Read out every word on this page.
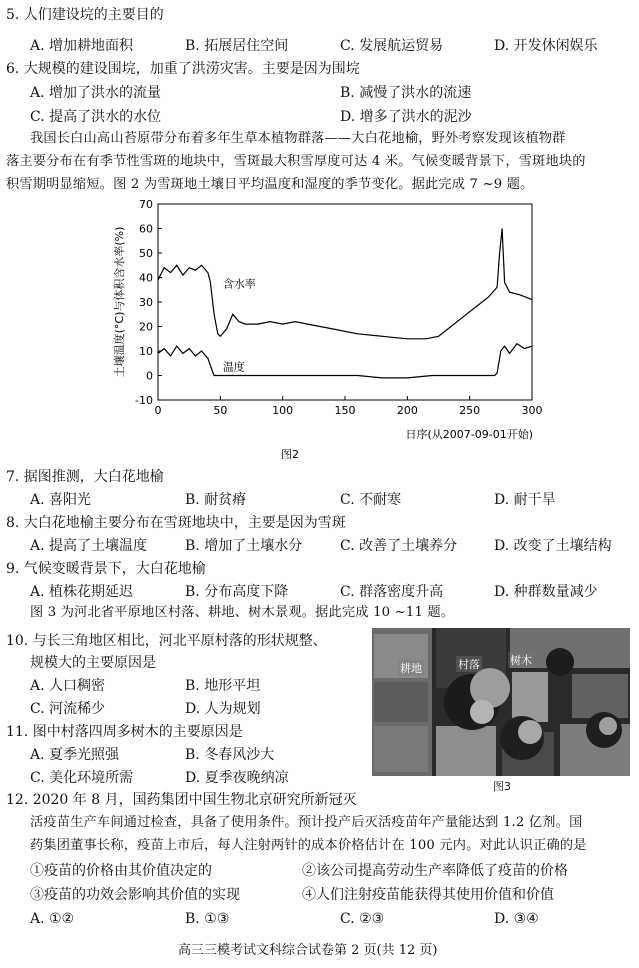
5. 人们建设垸的主要目的
A. 增加耕地面积	B. 拓展居住空间	C. 发展航运贸易	D. 开发休闲娱乐
6. 大规模的建设围垸，加重了洪涝灾害。主要是因为围垸
A. 增加了洪水的流量	B. 减慢了洪水的流速
C. 提高了洪水的水位	D. 增多了洪水的泥沙
我国长白山高山苔原带分布着多年生草本植物群落——大白花地榆，野外考察发现该植物群
落主要分布在有季节性雪斑的地块中，雪斑最大积雪厚度可达 4 米。气候变暖背景下，雪斑地块的
积雪期明显缩短。图 2 为雪斑地土壤日平均温度和湿度的季节变化。据此完成 7 ~9 题。
-10
0
10
20
30
40
50
60
70
0	50	100	150	200	250	300
含水率
温度
土壤温度(°C)与体积含水率(%)
日序(从2007-09-01开始)
图2
7. 据图推测，大白花地榆
A. 喜阳光	B. 耐贫瘠	C. 不耐寒	D. 耐干旱
8. 大白花地榆主要分布在雪斑地块中，主要是因为雪斑
A. 提高了土壤温度	B. 增加了土壤水分	C. 改善了土壤养分	D. 改变了土壤结构
9. 气候变暖背景下，大白花地榆
A. 植株花期延迟	B. 分布高度下降	C. 群落密度升高	D. 种群数量减少
图 3 为河北省平原地区村落、耕地、树木景观。据此完成 10 ~11 题。
10. 与长三角地区相比，河北平原村落的形状规整、
规模大的主要原因是
A. 人口稠密	B. 地形平坦
C. 河流稀少	D. 人为规划
11. 图中村落四周多树木的主要原因是
A. 夏季光照强	B. 冬春风沙大
C. 美化环境所需	D. 夏季夜晚纳凉
耕地	村落	树木
图3
12. 2020 年 8 月，国药集团中国生物北京研究所新冠灭
活疫苗生产车间通过检查，具备了使用条件。预计投产后灭活疫苗年产量能达到 1.2 亿剂。国
药集团董事长称，疫苗上市后，每人注射两针的成本价格估计在 100 元内。对此认识正确的是
①疫苗的价格由其价值决定的	②该公司提高劳动生产率降低了疫苗的价格
③疫苗的功效会影响其价值的实现	④人们注射疫苗能获得其使用价值和价值
A. ①②	B. ①③	C. ②③	D. ③④
高三三模考试文科综合试卷第 2 页(共 12 页)
